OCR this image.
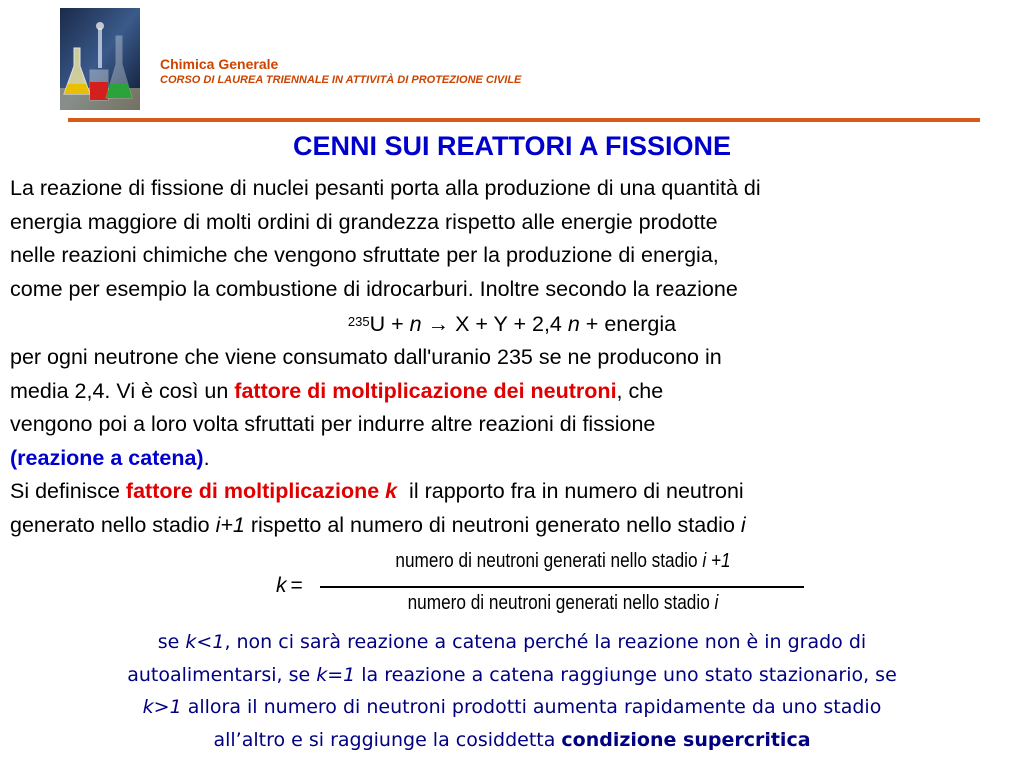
Chimica Generale
CORSO DI LAUREA TRIENNALE IN ATTIVITÀ DI PROTEZIONE CIVILE
CENNI SUI REATTORI A FISSIONE
La reazione di fissione di nuclei pesanti porta alla produzione di una quantità di
energia maggiore di molti ordini di grandezza rispetto alle energie prodotte
nelle reazioni chimiche che vengono sfruttate per la produzione di energia,
come per esempio la combustione di idrocarburi. Inoltre secondo la reazione
$^{235}$U + n → X + Y + 2,4 n + energia
per ogni neutrone che viene consumato dall'uranio 235 se ne producono in
media 2,4. Vi è così un fattore di moltiplicazione dei neutroni, che
vengono poi a loro volta sfruttati per indurre altre reazioni di fissione
(reazione a catena).
Si definisce fattore di moltiplicazione k  il rapporto fra in numero di neutroni
generato nello stadio i+1 rispetto al numero di neutroni generato nello stadio i
k =
numero di neutroni generati nello stadio i +1
numero di neutroni generati nello stadio i
se k<1, non ci sarà reazione a catena perché la reazione non è in grado di
autoalimentarsi, se k=1 la reazione a catena raggiunge uno stato stazionario, se
k>1 allora il numero di neutroni prodotti aumenta rapidamente da uno stadio
all’altro e si raggiunge la cosiddetta condizione supercritica
